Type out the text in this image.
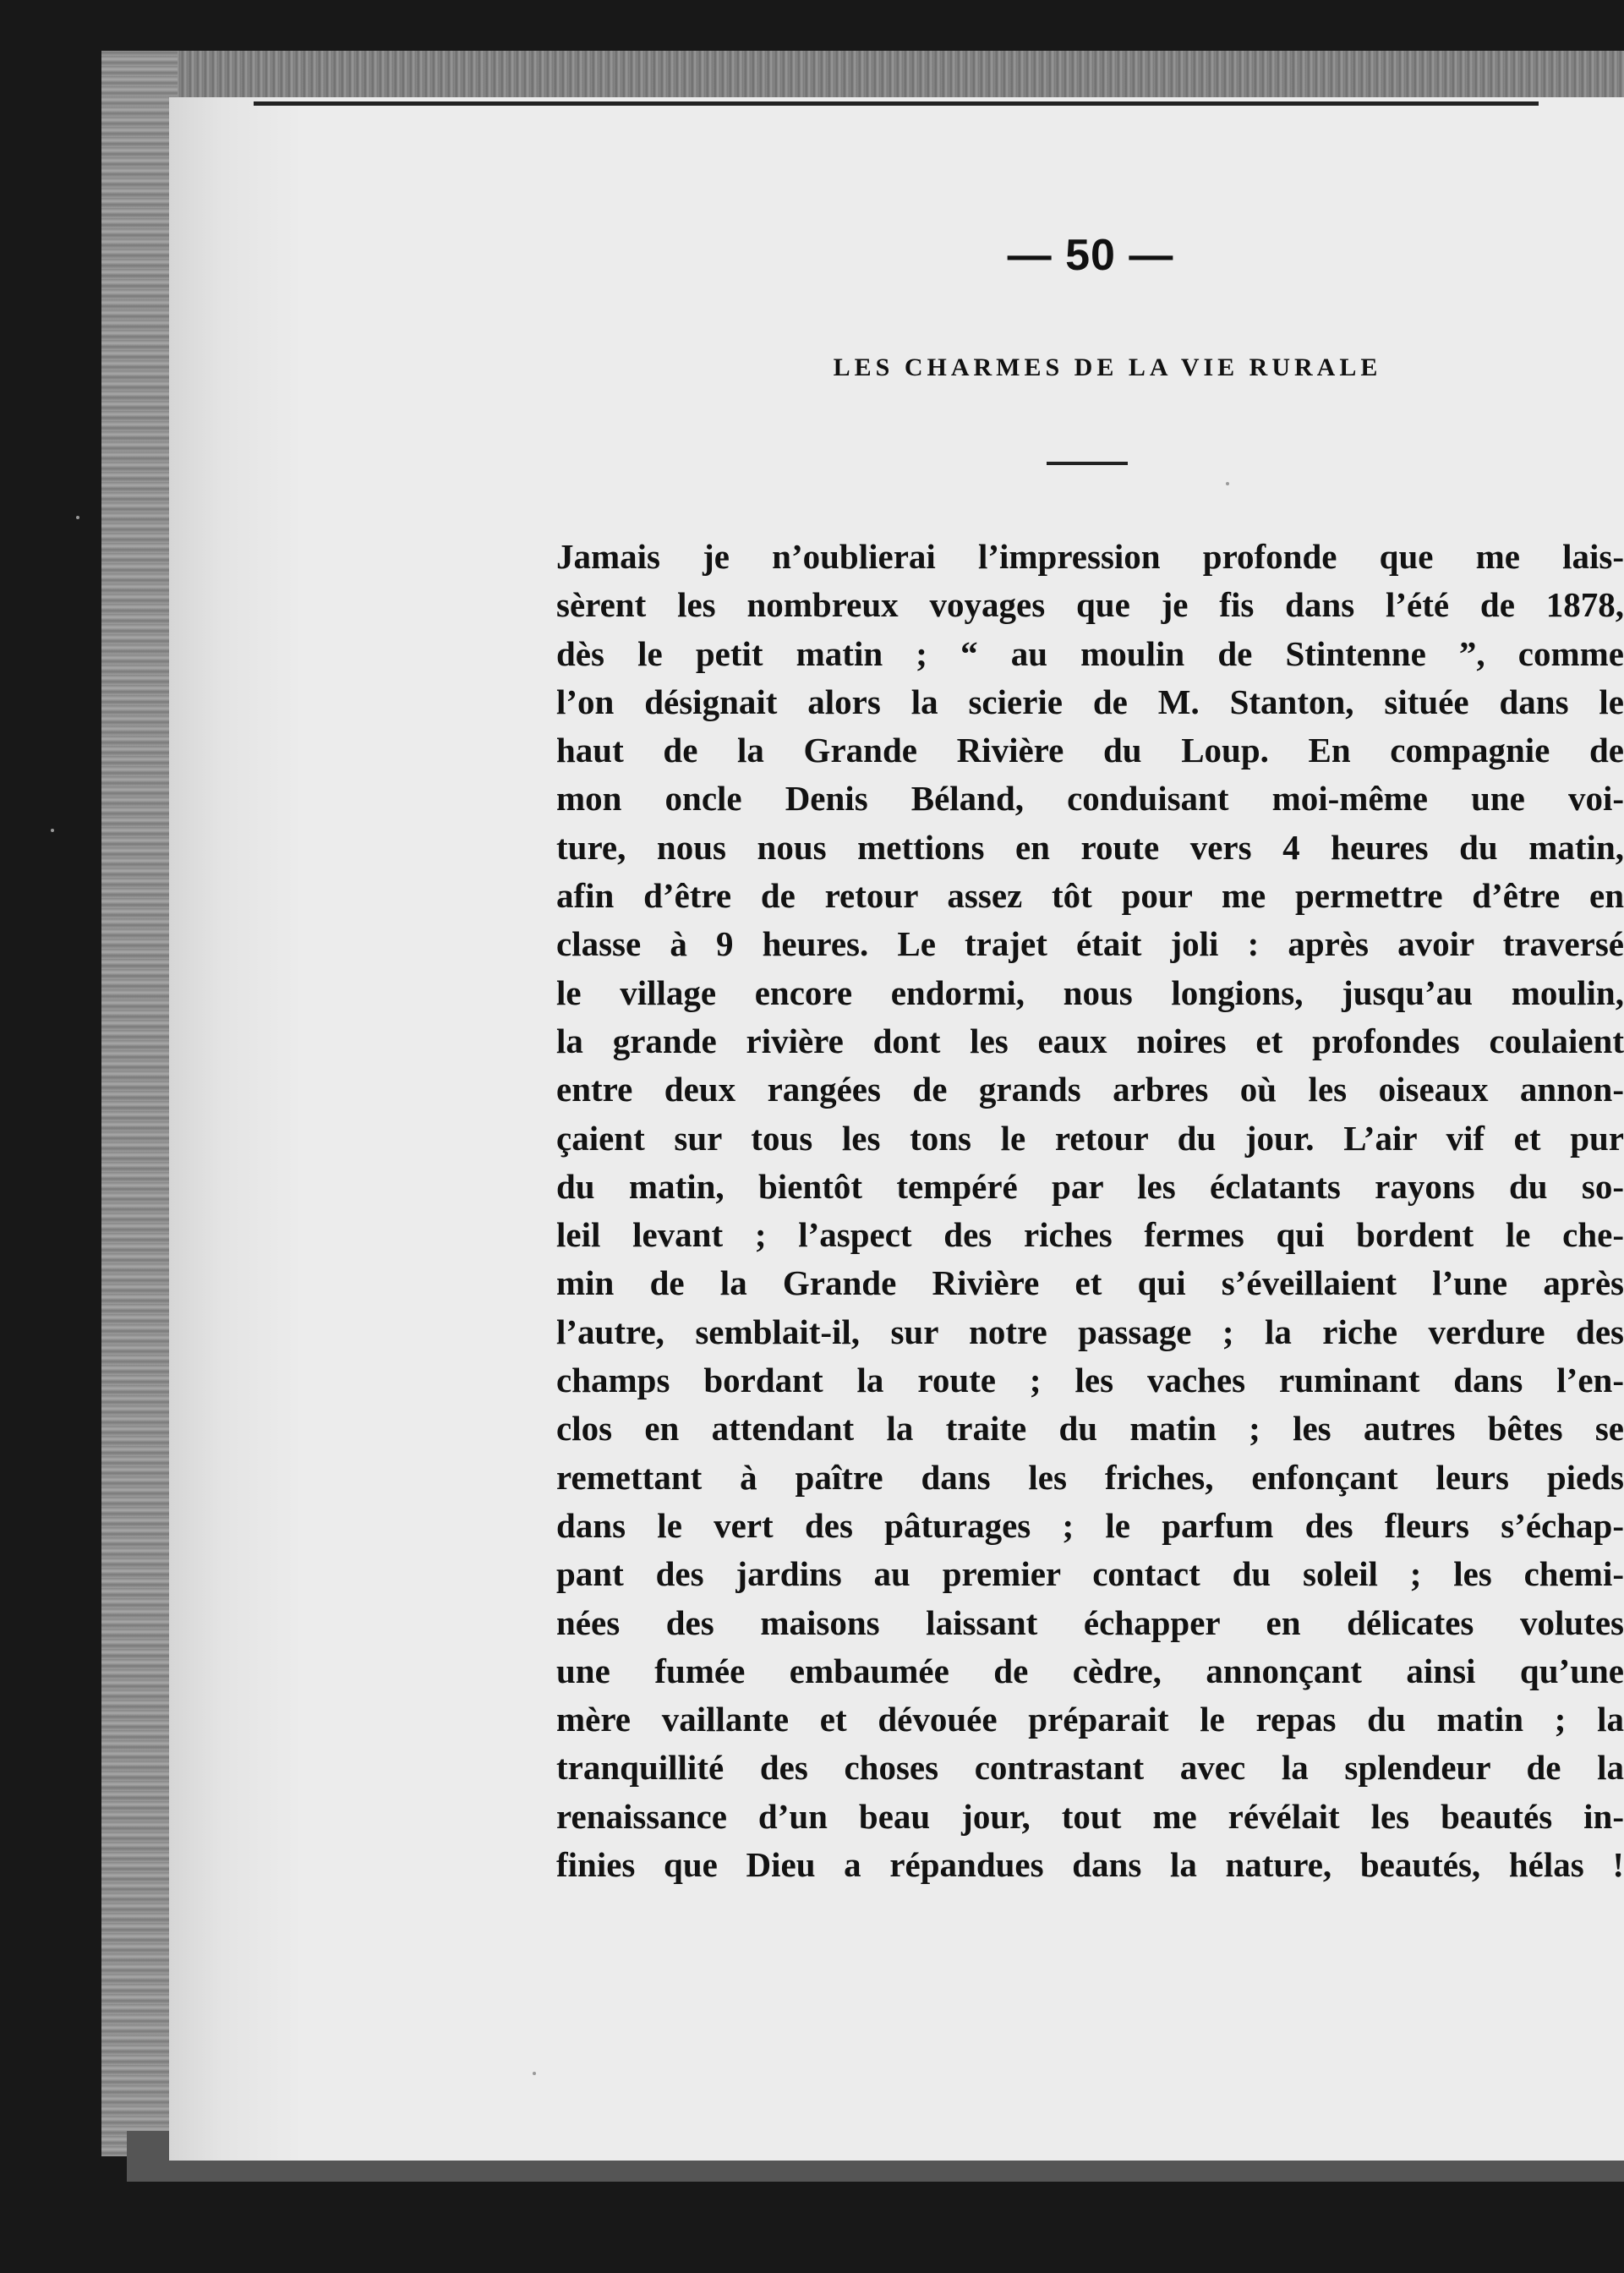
— 50 —
LES CHARMES DE LA VIE RURALE
Jamais je n’oublierai l’impression profonde que me lais-
sèrent les nombreux voyages que je fis dans l’été de 1878,
dès le petit matin ; “ au moulin de Stintenne ”, comme
l’on désignait alors la scierie de M. Stanton, située dans le
haut de la Grande Rivière du Loup. En compagnie de
mon oncle Denis Béland, conduisant moi-même une voi-
ture, nous nous mettions en route vers 4 heures du matin,
afin d’être de retour assez tôt pour me permettre d’être en
classe à 9 heures. Le trajet était joli : après avoir traversé
le village encore endormi, nous longions, jusqu’au moulin,
la grande rivière dont les eaux noires et profondes coulaient
entre deux rangées de grands arbres où les oiseaux annon-
çaient sur tous les tons le retour du jour. L’air vif et pur
du matin, bientôt tempéré par les éclatants rayons du so-
leil levant ; l’aspect des riches fermes qui bordent le che-
min de la Grande Rivière et qui s’éveillaient l’une après
l’autre, semblait-il, sur notre passage ; la riche verdure des
champs bordant la route ; les vaches ruminant dans l’en-
clos en attendant la traite du matin ; les autres bêtes se
remettant à paître dans les friches, enfonçant leurs pieds
dans le vert des pâturages ; le parfum des fleurs s’échap-
pant des jardins au premier contact du soleil ; les chemi-
nées des maisons laissant échapper en délicates volutes
une fumée embaumée de cèdre, annonçant ainsi qu’une
mère vaillante et dévouée préparait le repas du matin ; la
tranquillité des choses contrastant avec la splendeur de la
renaissance d’un beau jour, tout me révélait les beautés in-
finies que Dieu a répandues dans la nature, beautés, hélas !
